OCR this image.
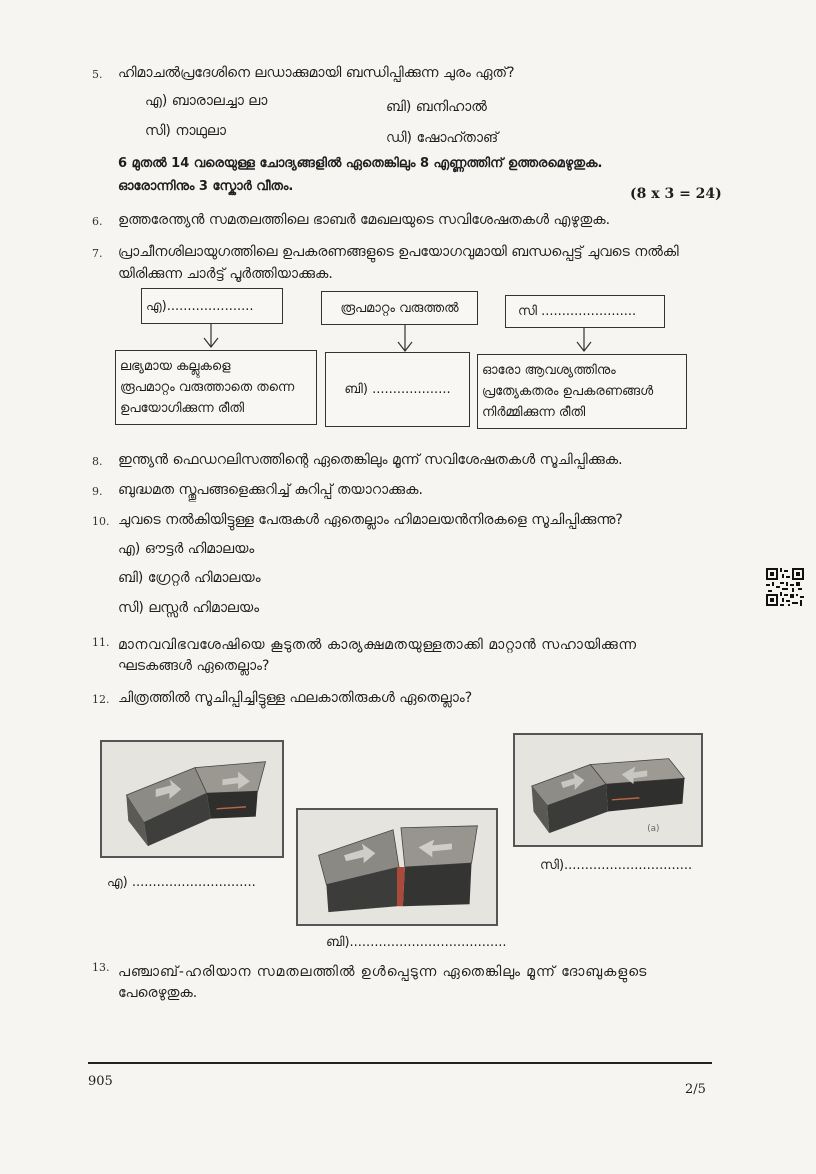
5. ഹിമാചൽപ്രദേശിനെ ലഡാക്കുമായി ബന്ധിപ്പിക്കുന്ന ചുരം ഏത്?
എ) ബാരാലച്ചാ ലാ	ബി) ബനിഹാൽ
സി) നാഥുലാ	ഡി) ഷോഹ്താങ്
6 മുതൽ 14 വരെയുള്ള ചോദ്യങ്ങളിൽ ഏതെങ്കിലും 8 എണ്ണത്തിന് ഉത്തരമെഴുതുക.
ഓരോന്നിനും 3 സ്കോർ വീതം.	(8 x 3 = 24)
6. ഉത്തരേന്ത്യൻ സമതലത്തിലെ ഭാബർ മേഖലയുടെ സവിശേഷതകൾ എഴുതുക.
7. പ്രാചീനശിലായുഗത്തിലെ ഉപകരണങ്ങളുടെ ഉപയോഗവുമായി ബന്ധപ്പെട്ട് ചുവടെ നൽകി
യിരിക്കുന്ന ചാർട്ട് പൂർത്തിയാക്കുക.
എ).....................	രൂപമാറ്റം വരുത്തൽ	സി .......................
ലഭ്യമായ കല്ലുകളെ
രൂപമാറ്റം വരുത്താതെ തന്നെ
ഉപയോഗിക്കുന്ന രീതി
ബി) ...................
ഓരോ ആവശ്യത്തിനും
പ്രത്യേകതരം ഉപകരണങ്ങൾ
നിർമ്മിക്കുന്ന രീതി
8. ഇന്ത്യൻ ഫെഡറലിസത്തിന്റെ ഏതെങ്കിലും മൂന്ന് സവിശേഷതകൾ സൂചിപ്പിക്കുക.
9. ബുദ്ധമത സ്തൂപങ്ങളെക്കുറിച്ച് കുറിപ്പ് തയാറാക്കുക.
10. ചുവടെ നൽകിയിട്ടുള്ള പേരുകൾ ഏതെല്ലാം ഹിമാലയൻനിരകളെ സൂചിപ്പിക്കുന്നു?
എ) ഔട്ടർ ഹിമാലയം
ബി) ഗ്രേറ്റർ ഹിമാലയം
സി) ലസ്സർ ഹിമാലയം
11. മാനവവിഭവശേഷിയെ കൂടുതൽ കാര്യക്ഷമതയുള്ളതാക്കി മാറ്റാൻ സഹായിക്കുന്ന
ഘടകങ്ങൾ ഏതെല്ലാം?
12. ചിത്രത്തിൽ സൂചിപ്പിച്ചിട്ടുള്ള ഫലകാതിരുകൾ ഏതെല്ലാം?
എ) ..............................
ബി)......................................
(a)
സി)...............................
13. പഞ്ചാബ്-ഹരിയാന സമതലത്തിൽ ഉൾപ്പെടുന്ന ഏതെങ്കിലും മൂന്ന് ദോബുകളുടെ
പേരെഴുതുക.
905
2/5
